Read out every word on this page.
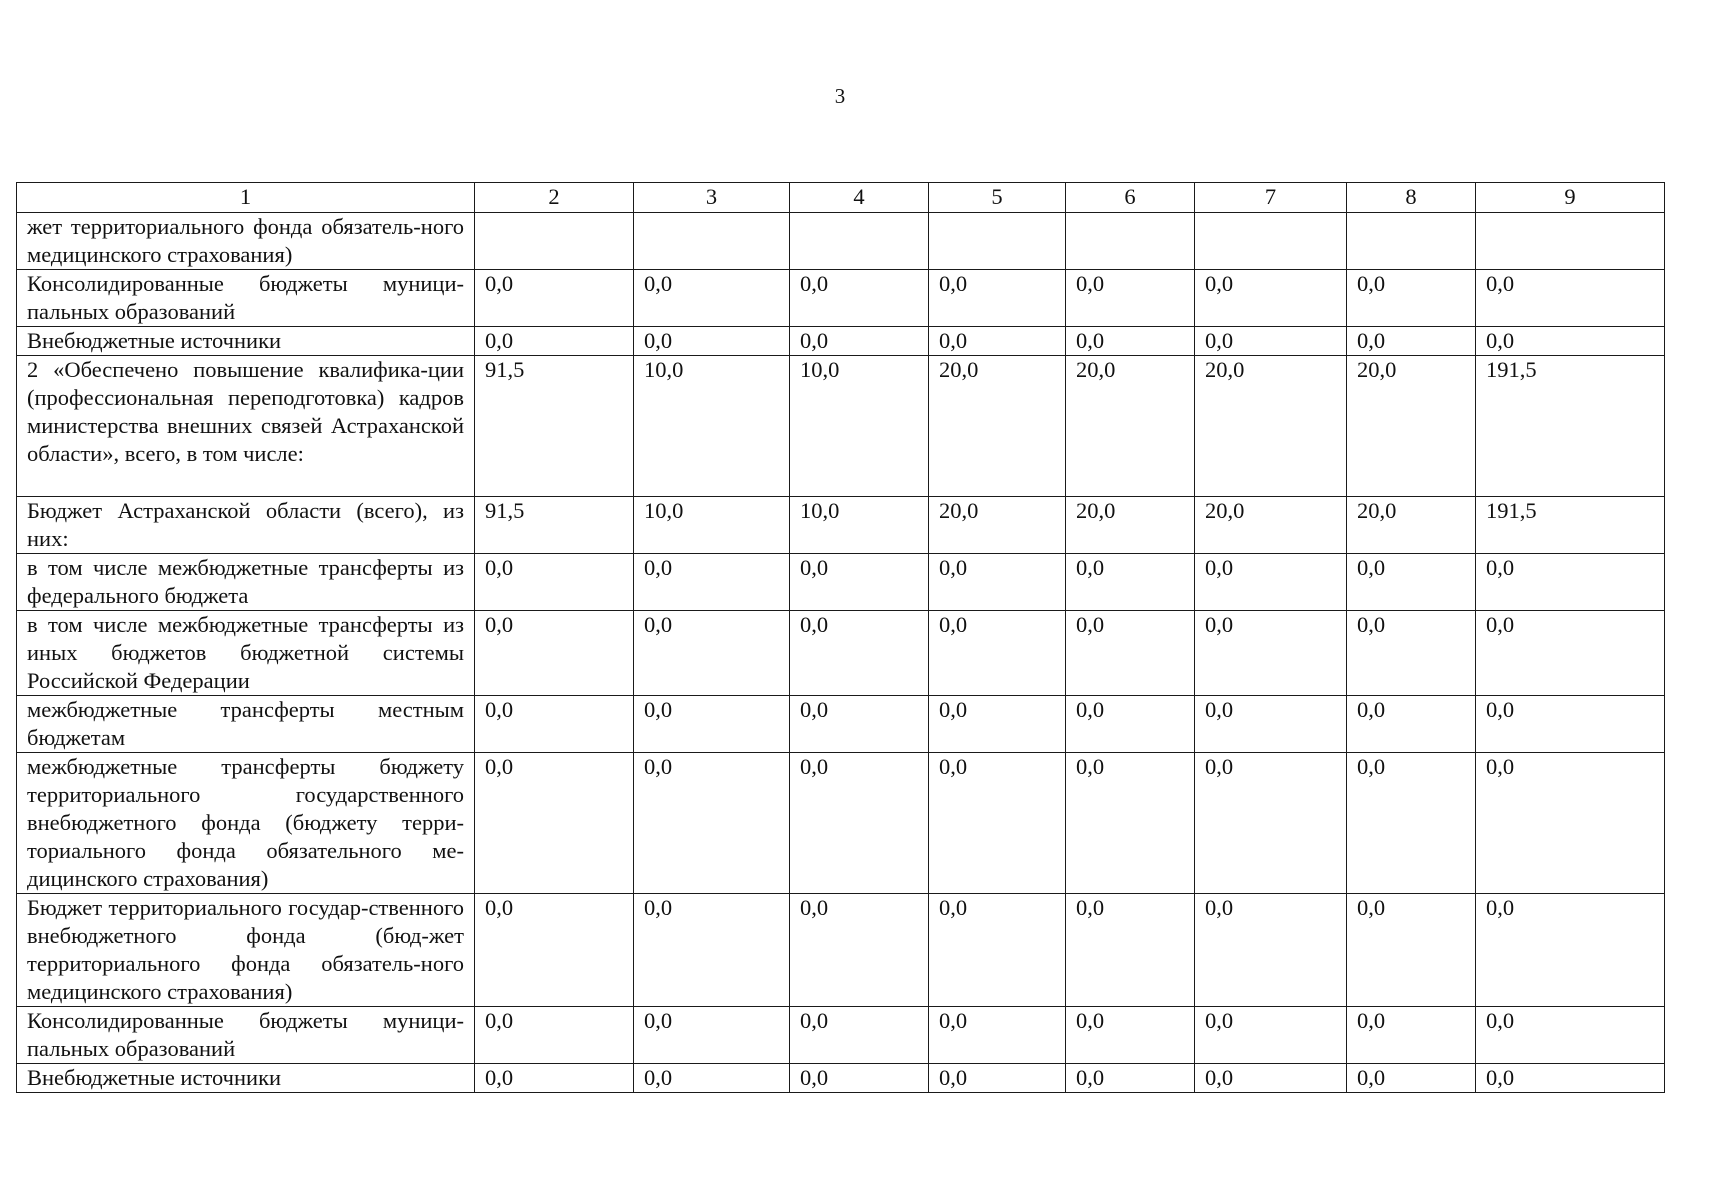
3
1	2	3	4	5	6	7	8	9
жет территориального фонда обязатель-ного медицинского страхования)								
Консолидированные бюджеты муници-пальных образований	0,0	0,0	0,0	0,0	0,0	0,0	0,0	0,0
Внебюджетные источники	0,0	0,0	0,0	0,0	0,0	0,0	0,0	0,0
2 «Обеспечено повышение квалифика-ции (профессиональная переподготовка) кадров министерства внешних связей Астраханской области», всего, в том числе:	91,5	10,0	10,0	20,0	20,0	20,0	20,0	191,5
Бюджет Астраханской области (всего), из них:	91,5	10,0	10,0	20,0	20,0	20,0	20,0	191,5
в том числе межбюджетные трансферты из федерального бюджета	0,0	0,0	0,0	0,0	0,0	0,0	0,0	0,0
в том числе межбюджетные трансферты из иных бюджетов бюджетной системы Российской Федерации	0,0	0,0	0,0	0,0	0,0	0,0	0,0	0,0
межбюджетные трансферты местным бюджетам	0,0	0,0	0,0	0,0	0,0	0,0	0,0	0,0
межбюджетные трансферты бюджету территориального государственного внебюджетного фонда (бюджету терри-ториального фонда обязательного ме-дицинского страхования)	0,0	0,0	0,0	0,0	0,0	0,0	0,0	0,0
Бюджет территориального государ-ственного внебюджетного фонда (бюд-жет территориального фонда обязатель-ного медицинского страхования)	0,0	0,0	0,0	0,0	0,0	0,0	0,0	0,0
Консолидированные бюджеты муници-пальных образований	0,0	0,0	0,0	0,0	0,0	0,0	0,0	0,0
Внебюджетные источники	0,0	0,0	0,0	0,0	0,0	0,0	0,0	0,0
